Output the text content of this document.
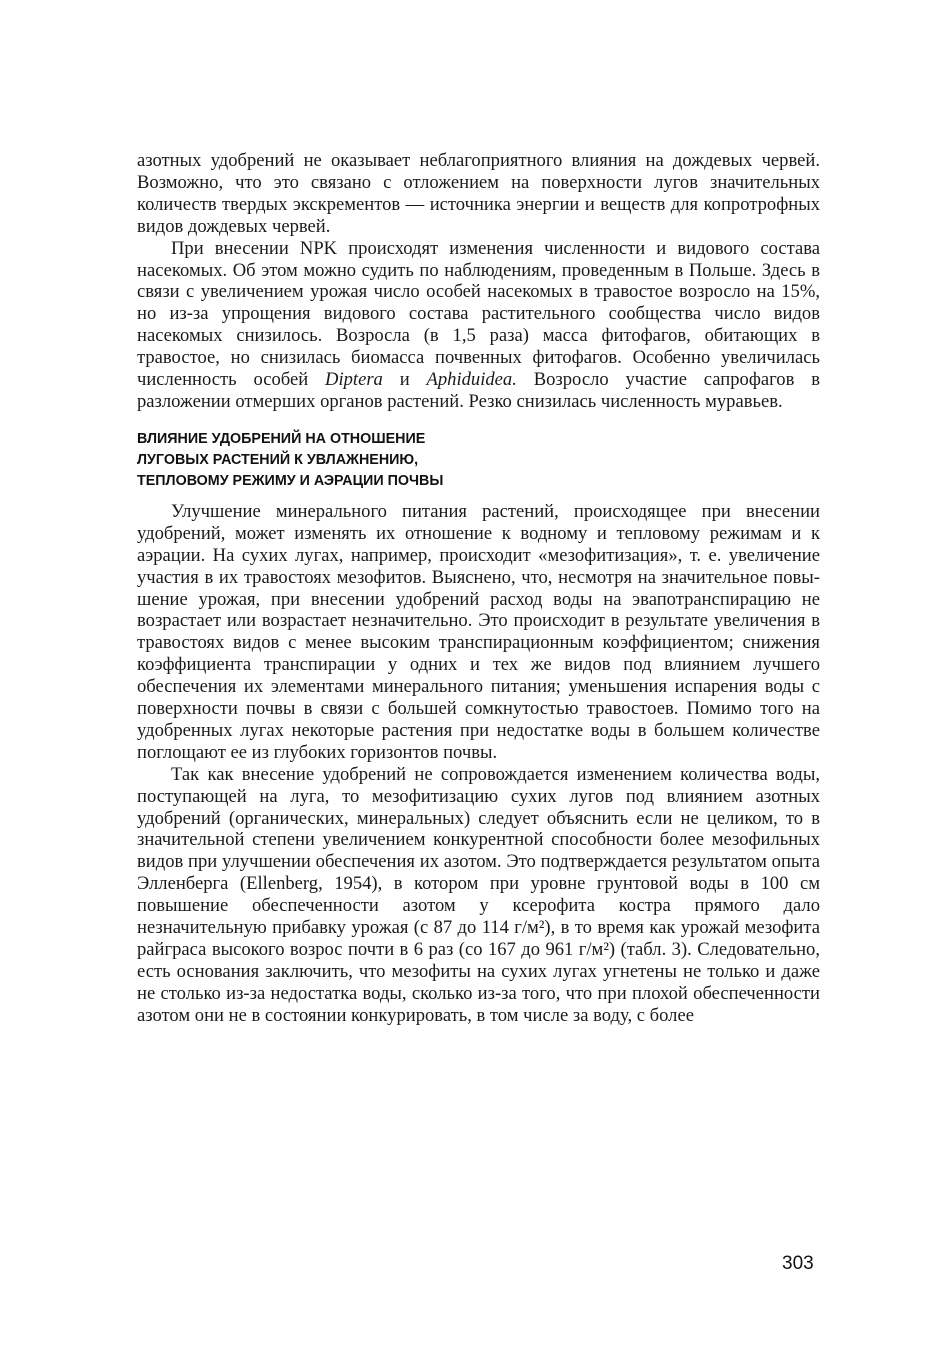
азотных удобрений не оказывает неблагоприятного влияния на дождевых червей. Возможно, что это связано с отложением на поверхности лугов значительных количеств твердых экскрементов — источника энергии и веществ для копротрофных видов дождевых червей.

При внесении NPK происходят изменения численности и видового состава насекомых. Об этом можно судить по наблюдениям, проведенным в Польше. Здесь в связи с увеличением урожая число особей насекомых в травостое возросло на 15%, но из-за упрощения видового состава растительного сообщества число видов насекомых снизилось. Возросла (в 1,5 раза) масса фитофагов, обитающих в травостое, но снизилась биомасса почвенных фитофагов. Особенно увеличилась численность особей Diptera и Aphiduidea. Возросло участие сапрофагов в разложении отмерших органов растений. Резко снизилась численность муравьев.

ВЛИЯНИЕ УДОБРЕНИЙ НА ОТНОШЕНИЕ
ЛУГОВЫХ РАСТЕНИЙ К УВЛАЖНЕНИЮ,
ТЕПЛОВОМУ РЕЖИМУ И АЭРАЦИИ ПОЧВЫ

Улучшение минерального питания растений, происходящее при внесении удобрений, может изменять их отношение к водному и тепловому режимам и к аэрации. На сухих лугах, например, происходит «мезофитизация», т. е. увеличение участия в их травостоях мезофитов. Выяснено, что, несмотря на значительное повышение урожая, при внесении удобрений расход воды на эвапотранспирацию не возрастает или возрастает незначительно. Это происходит в результате увеличения в травостоях видов с менее высоким транспирационным коэффициентом; снижения коэффициента транспирации у одних и тех же видов под влиянием лучшего обеспечения их элементами минерального питания; уменьшения испарения воды с поверхности почвы в связи с большей сомкнутостью травостоев. Помимо того на удобренных лугах некоторые растения при недостатке воды в большем количестве поглощают ее из глубоких горизонтов почвы.

Так как внесение удобрений не сопровождается изменением количества воды, поступающей на луга, то мезофитизацию сухих лугов под влиянием азотных удобрений (органических, минеральных) следует объяснить если не целиком, то в значительной степени увеличением конкурентной способности более мезофильных видов при улучшении обеспечения их азотом. Это подтверждается результатом опыта Элленберга (Ellenberg, 1954), в котором при уровне грунтовой воды в 100 см повышение обеспеченности азотом у ксерофита костра прямого дало незначительную прибавку урожая (с 87 до 114 г/м²), в то время как урожай мезофита райграса высокого возрос почти в 6 раз (со 167 до 961 г/м²) (табл. 3). Следовательно, есть основания заключить, что мезофиты на сухих лугах угнетены не только и даже не столько из-за недостатка воды, сколько из-за того, что при плохой обеспеченности азотом они не в состоянии конкурировать, в том числе за воду, с более

303
